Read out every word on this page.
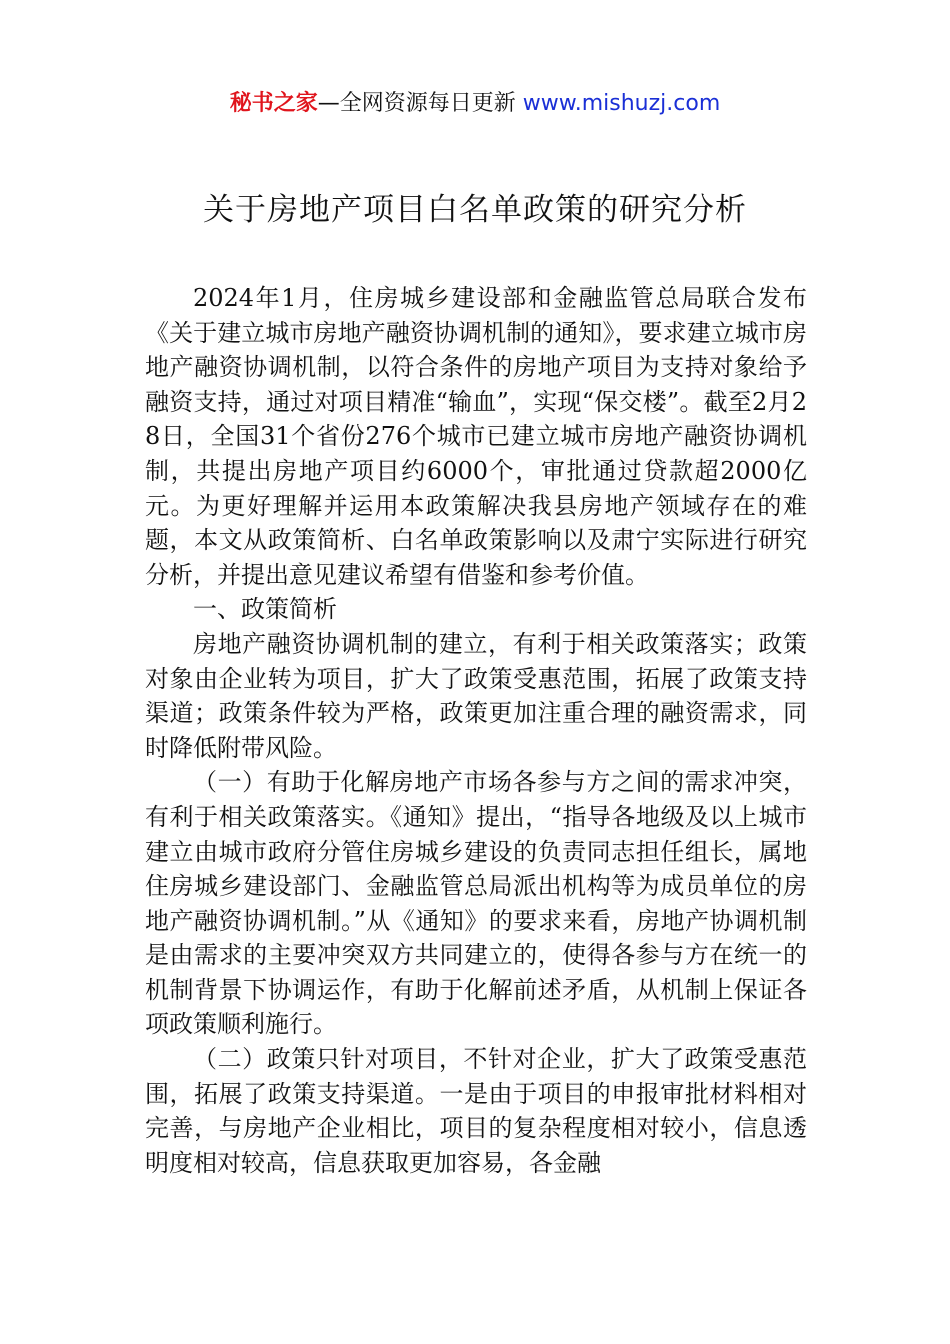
秘书之家—全网资源每日更新 www.mishuzj.com
关于房地产项目白名单政策的研究分析

2024年1月，住房城乡建设部和金融监管总局联合发布《关于建立城市房地产融资协调机制的通知》，要求建立城市房地产融资协调机制，以符合条件的房地产项目为支持对象给予融资支持，通过对项目精准“输血”，实现“保交楼”。截至2月28日，全国31个省份276个城市已建立城市房地产融资协调机制，共提出房地产项目约6000个，审批通过贷款超2000亿元。为更好理解并运用本政策解决我县房地产领域存在的难题，本文从政策简析、白名单政策影响以及肃宁实际进行研究分析，并提出意见建议希望有借鉴和参考价值。

一、政策简析

房地产融资协调机制的建立，有利于相关政策落实；政策对象由企业转为项目，扩大了政策受惠范围，拓展了政策支持渠道；政策条件较为严格，政策更加注重合理的融资需求，同时降低附带风险。

（一）有助于化解房地产市场各参与方之间的需求冲突，有利于相关政策落实。《通知》提出，“指导各地级及以上城市建立由城市政府分管住房城乡建设的负责同志担任组长，属地住房城乡建设部门、金融监管总局派出机构等为成员单位的房地产融资协调机制。”从《通知》的要求来看，房地产协调机制是由需求的主要冲突双方共同建立的，使得各参与方在统一的机制背景下协调运作，有助于化解前述矛盾，从机制上保证各项政策顺利施行。

（二）政策只针对项目，不针对企业，扩大了政策受惠范围，拓展了政策支持渠道。一是由于项目的申报审批材料相对完善，与房地产企业相比，项目的复杂程度相对较小，信息透明度相对较高，信息获取更加容易，各金融
